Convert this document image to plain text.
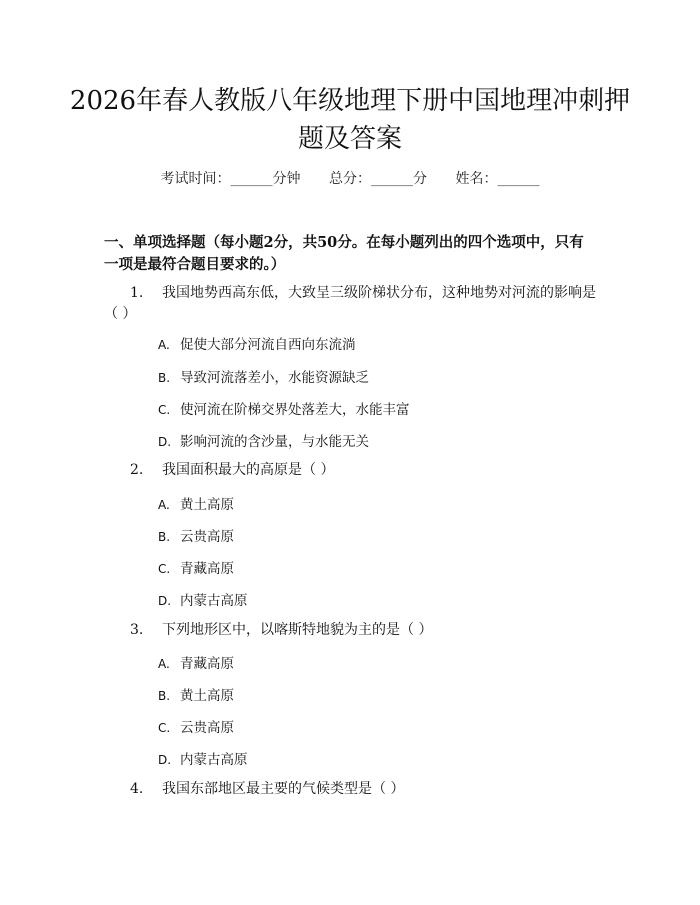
2026年春人教版八年级地理下册中国地理冲刺押题及答案
考试时间：______分钟 总分：______分 姓名：______
一、单项选择题（每小题2分，共50分。在每小题列出的四个选项中，只有一项是最符合题目要求的。）
1. 我国地势西高东低，大致呈三级阶梯状分布，这种地势对河流的影响是
（ ）
A. 促使大部分河流自西向东流淌
B. 导致河流落差小，水能资源缺乏
C. 使河流在阶梯交界处落差大，水能丰富
D. 影响河流的含沙量，与水能无关
2. 我国面积最大的高原是（ ）
A. 黄土高原
B. 云贵高原
C. 青藏高原
D. 内蒙古高原
3. 下列地形区中，以喀斯特地貌为主的是（ ）
A. 青藏高原
B. 黄土高原
C. 云贵高原
D. 内蒙古高原
4. 我国东部地区最主要的气候类型是（ ）
